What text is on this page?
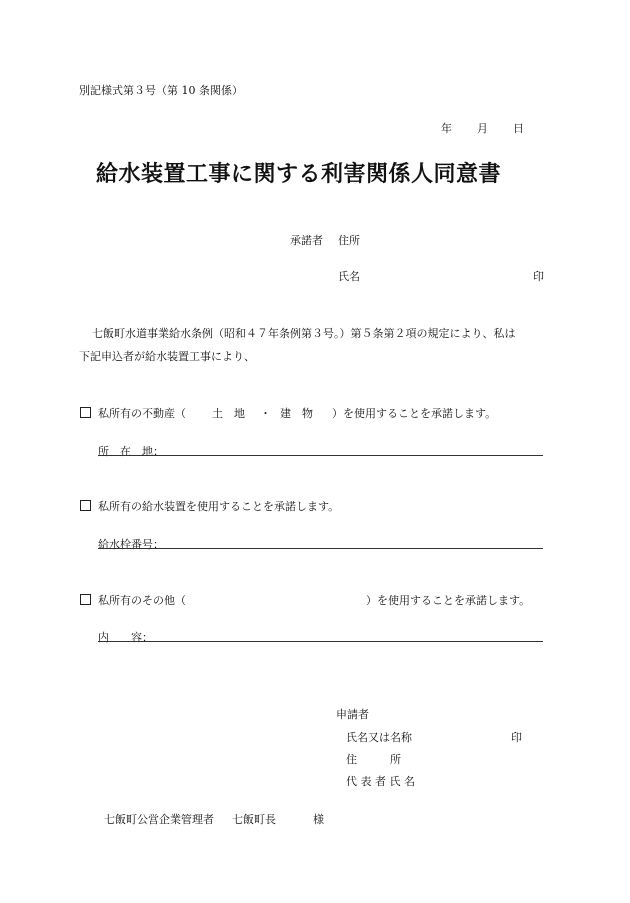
別記様式第３号（第 10 条関係）
年 月 日
給水装置工事に関する利害関係人同意書
承諾者 住所
氏名	印
七飯町水道事業給水条例（昭和４７年条例第３号。）第５条第２項の規定により、私は
下記申込者が給水装置工事により、
私所有の不動産（ 土　地 ・ 建　物 ）を使用することを承諾します。
所　在　地：
私所有の給水装置を使用することを承諾します。
給水栓番号：
私所有のその他（	）を使用することを承諾します。
内　　容：
申請者
氏名又は名称	印
住　　　所
代 表 者 氏 名
七飯町公営企業管理者 七飯町長	様
